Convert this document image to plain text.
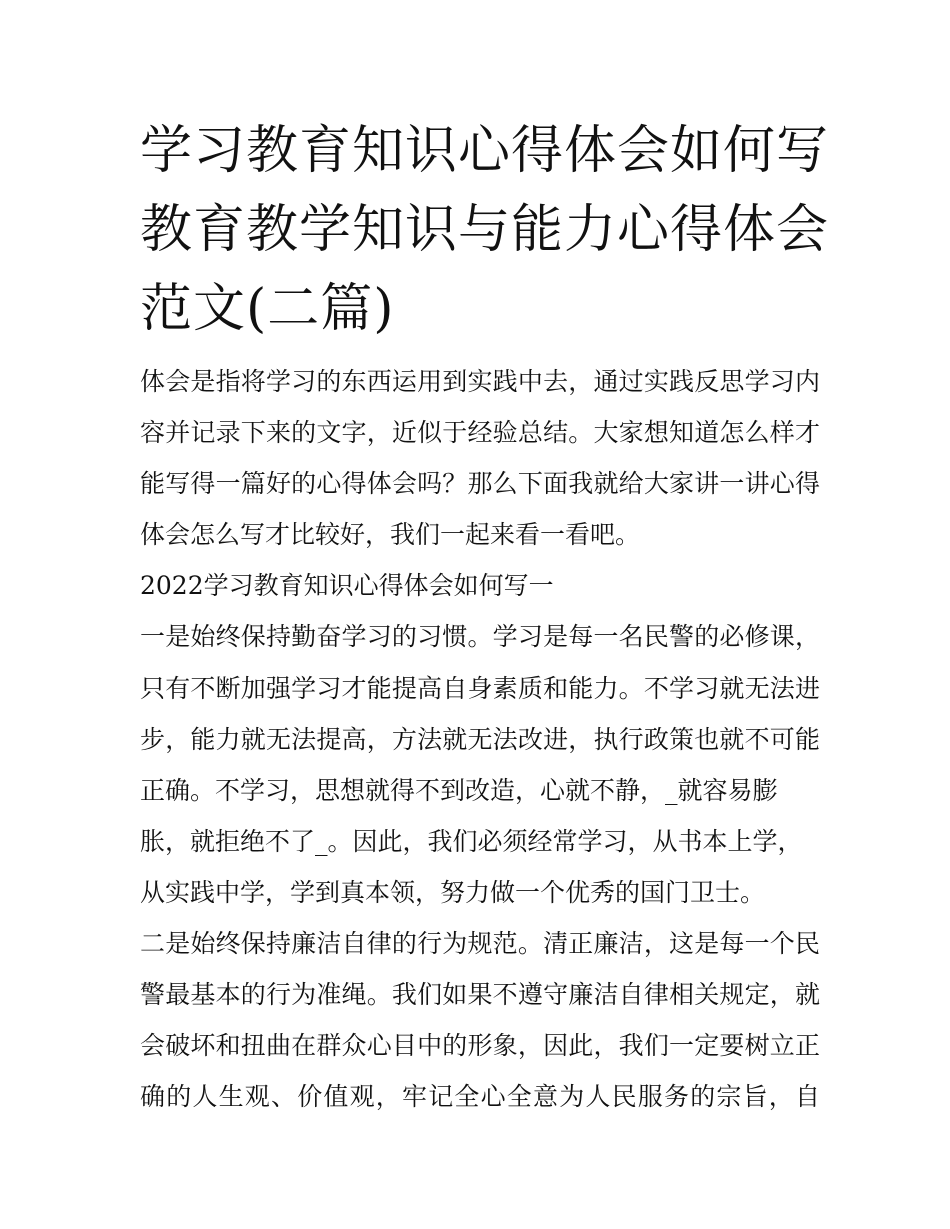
学习教育知识心得体会如何写
教育教学知识与能力心得体会
范文(二篇)
体会是指将学习的东西运用到实践中去，通过实践反思学习内
容并记录下来的文字，近似于经验总结。大家想知道怎么样才
能写得一篇好的心得体会吗？那么下面我就给大家讲一讲心得
体会怎么写才比较好，我们一起来看一看吧。
2022学习教育知识心得体会如何写一
一是始终保持勤奋学习的习惯。学习是每一名民警的必修课，
只有不断加强学习才能提高自身素质和能力。不学习就无法进
步，能力就无法提高，方法就无法改进，执行政策也就不可能
正确。不学习，思想就得不到改造，心就不静，_就容易膨
胀，就拒绝不了_。因此，我们必须经常学习，从书本上学，
从实践中学，学到真本领，努力做一个优秀的国门卫士。
二是始终保持廉洁自律的行为规范。清正廉洁，这是每一个民
警最基本的行为准绳。我们如果不遵守廉洁自律相关规定，就
会破坏和扭曲在群众心目中的形象，因此，我们一定要树立正
确的人生观、价值观，牢记全心全意为人民服务的宗旨，自
